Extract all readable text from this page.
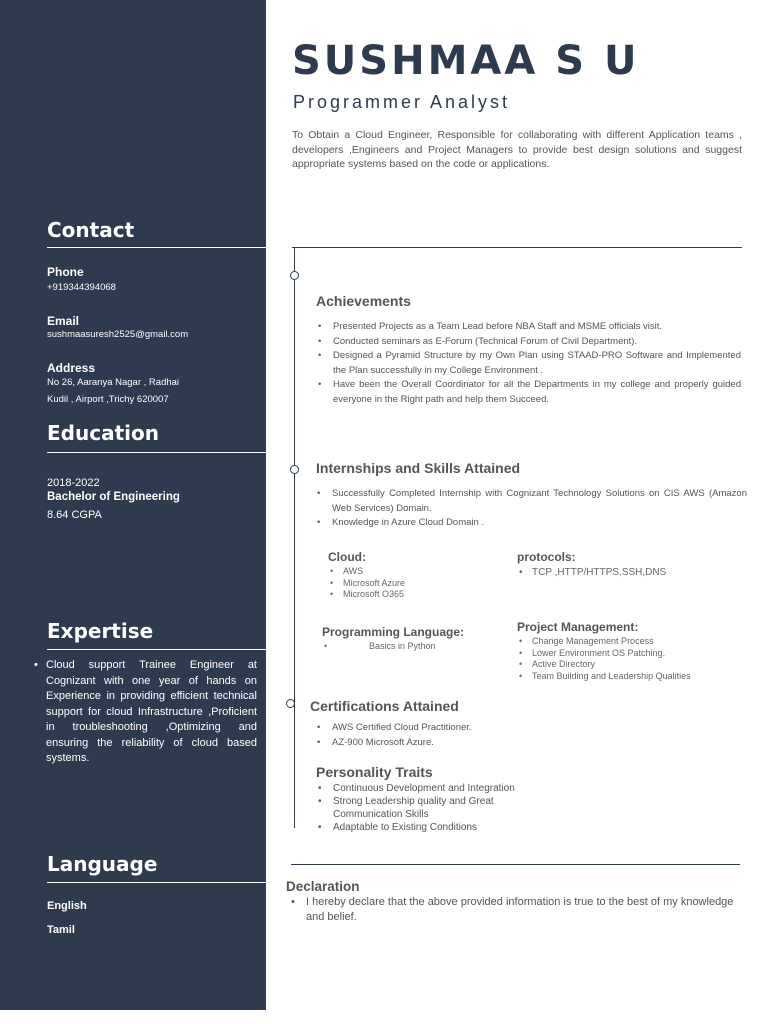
Contact
Phone
+919344394068
Email
sushmaasuresh2525@gmail.com
Address
No 26, Aaranya Nagar , Radhai
Kudil , Airport ,Trichy 620007
Education
2018-2022
Bachelor of Engineering
8.64 CGPA
Expertise
• Cloud support Trainee Engineer at Cognizant with one year of hands on Experience in providing efficient technical support for cloud Infrastructure ,Proficient in troubleshooting ,Optimizing and ensuring the reliability of cloud based systems.
Language
English
Tamil
SUSHMAA S U
Programmer Analyst
To Obtain a Cloud Engineer, Responsible for collaborating with different Application teams , developers ,Engineers and Project Managers to provide best design solutions and suggest appropriate systems based on the code or applications.
Achievements
• Presented Projects as a Team Lead before NBA Staff and MSME officials visit.
• Conducted seminars as E-Forum (Technical Forum of Civil Department).
• Designed a Pyramid Structure by my Own Plan using STAAD-PRO Software and Implemented the Plan successfully in my College Environment .
• Have been the Overall Coordinator for all the Departments in my college and properly guided everyone in the Right path and help them Succeed.
Internships and Skills Attained
• Successfully Completed Internship with Cognizant Technology Solutions on CIS AWS (Amazon Web Services) Domain.
• Knowledge in Azure Cloud Domain .
Cloud:
• AWS
• Microsoft Azure
• Microsoft O365
protocols:
• TCP ,HTTP/HTTPS,SSH,DNS
Programming Language:
• Basics in Python
Project Management:
• Change Management Process
• Lower Environment OS Patching.
• Active Directory
• Team Building and Leadership Qualities
Certifications Attained
• AWS Certified Cloud Practitioner.
• AZ-900 Microsoft Azure.
Personality Traits
• Continuous Development and Integration
• Strong Leadership quality and Great Communication Skills
• Adaptable to Existing Conditions
Declaration
• I hereby declare that the above provided information is true to the best of my knowledge and belief.
